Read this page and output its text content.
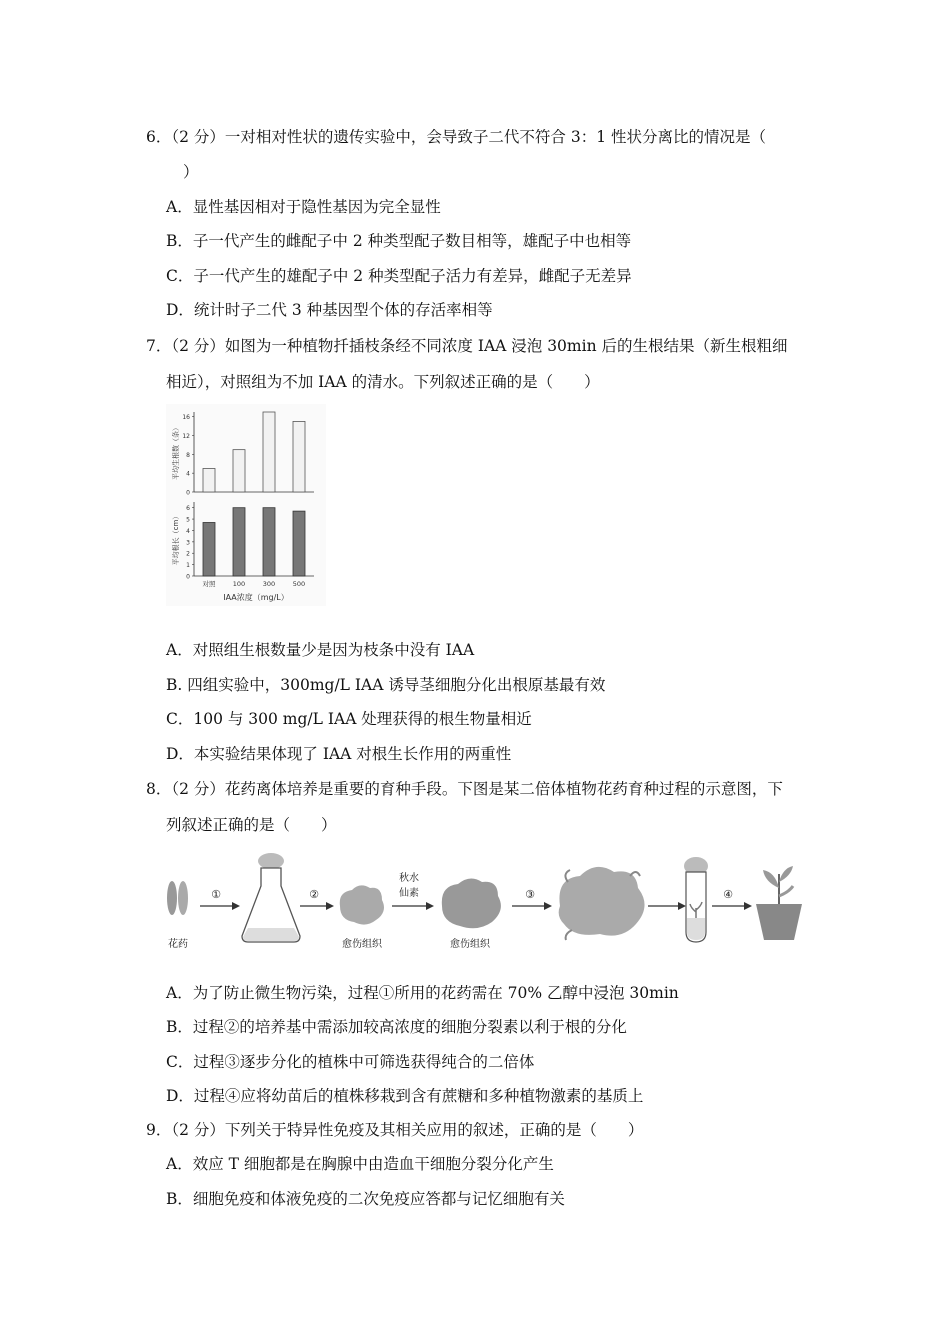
6．（2 分）一对相对性状的遗传实验中，会导致子二代不符合 3：1 性状分离比的情况是（
）
A．显性基因相对于隐性基因为完全显性
B．子一代产生的雌配子中 2 种类型配子数目相等，雄配子中也相等
C．子一代产生的雄配子中 2 种类型配子活力有差异，雌配子无差异
D．统计时子二代 3 种基因型个体的存活率相等
7．（2 分）如图为一种植物扦插枝条经不同浓度 IAA 浸泡 30min 后的生根结果（新生根粗细
相近），对照组为不加 IAA 的清水。下列叙述正确的是（　　）
0
4
8
12
16
平均生根数（条）
0
1
2
3
4
5
6
平均根长（cm）
对照	100	300	500
IAA浓度（mg/L）
A．对照组生根数量少是因为枝条中没有 IAA
B. 四组实验中，300mg/L IAA 诱导茎细胞分化出根原基最有效
C．100 与 300 mg/L IAA 处理获得的根生物量相近
D．本实验结果体现了 IAA 对根生长作用的两重性
8．（2 分）花药离体培养是重要的育种手段。下图是某二倍体植物花药育种过程的示意图，下
列叙述正确的是（　　）
花药
①	②
愈伤组织
秋水
仙素
愈伤组织
③	④
A．为了防止微生物污染，过程①所用的花药需在 70% 乙醇中浸泡 30min
B．过程②的培养基中需添加较高浓度的细胞分裂素以利于根的分化
C．过程③逐步分化的植株中可筛选获得纯合的二倍体
D．过程④应将幼苗后的植株移栽到含有蔗糖和多种植物激素的基质上
9．（2 分）下列关于特异性免疫及其相关应用的叙述，正确的是（　　）
A．效应 T 细胞都是在胸腺中由造血干细胞分裂分化产生
B．细胞免疫和体液免疫的二次免疫应答都与记忆细胞有关
